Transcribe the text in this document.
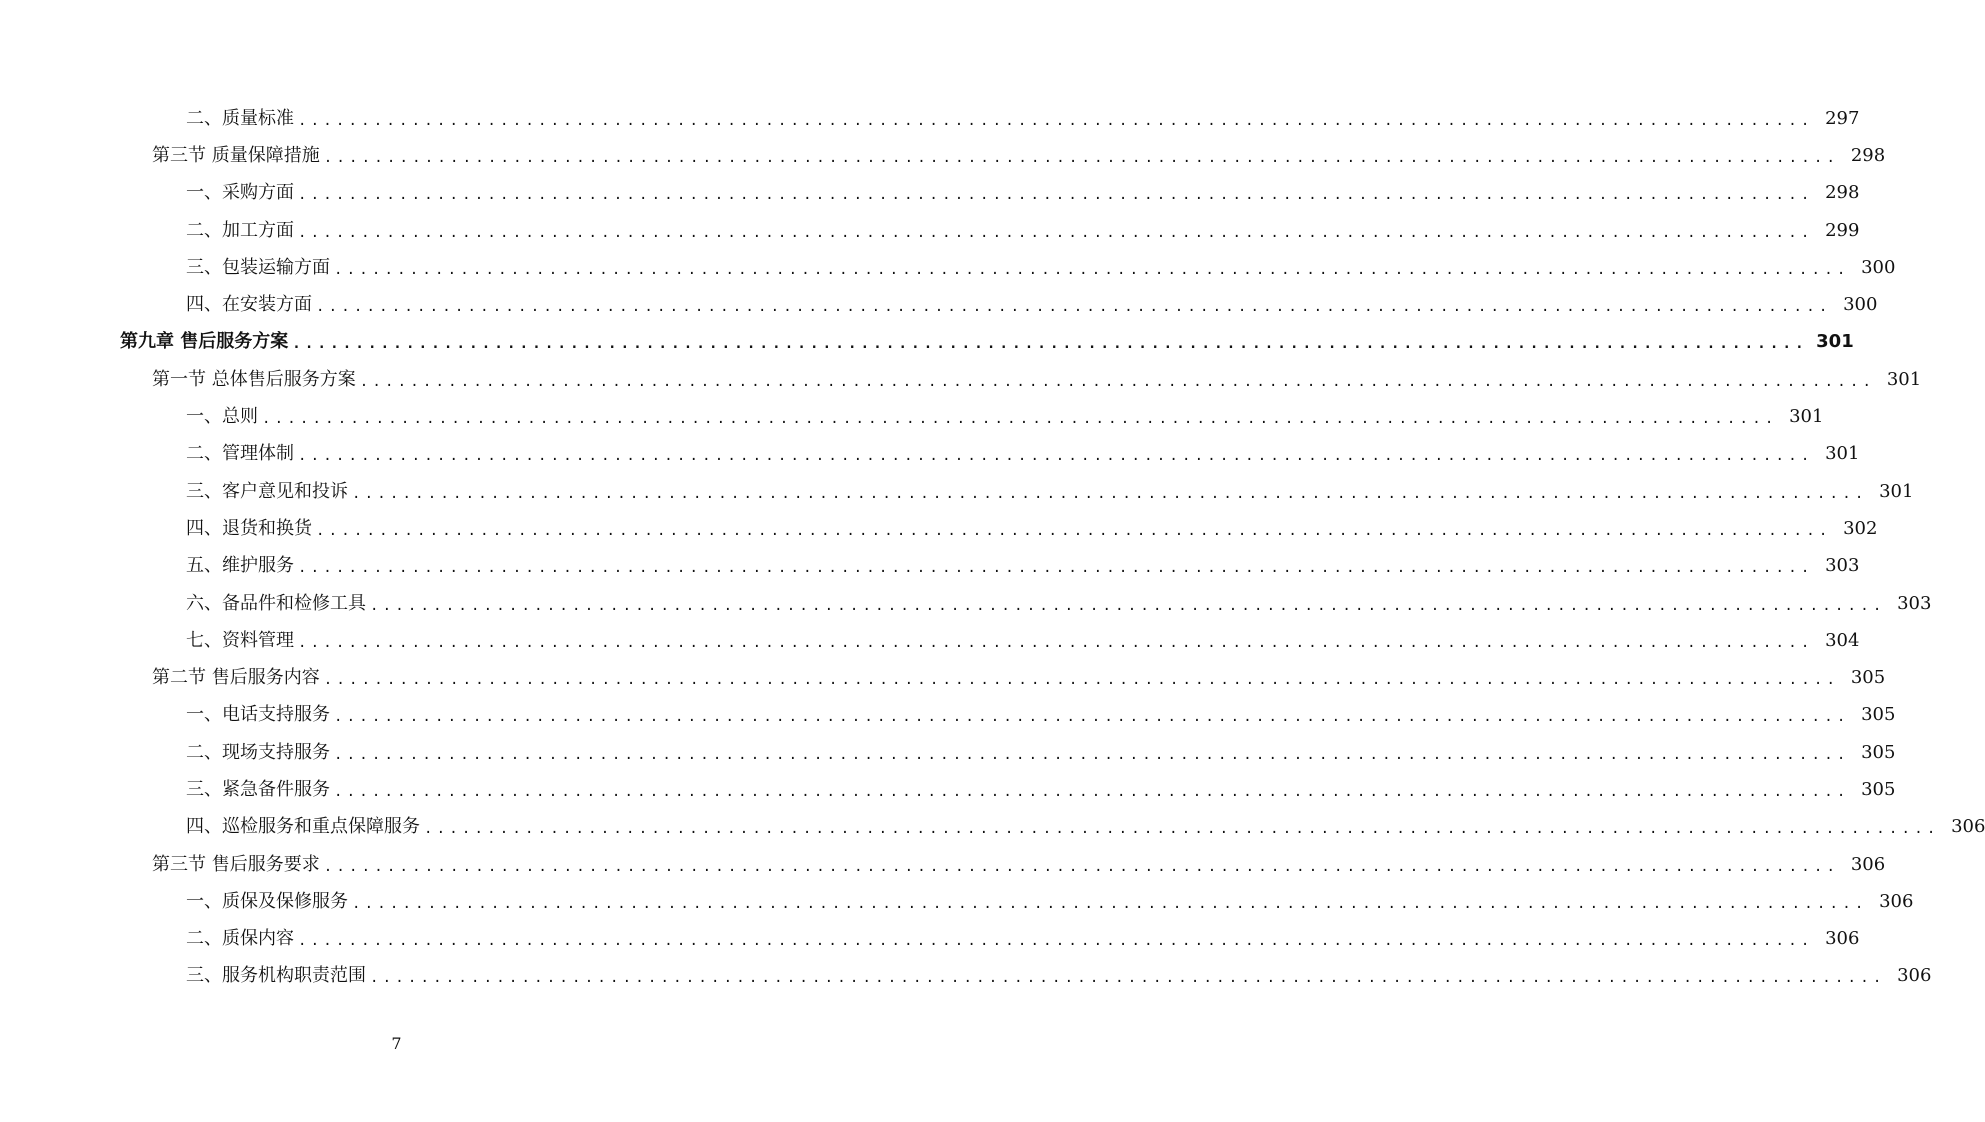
二、质量标准 ........................................................................................................................ 297
第三节 质量保障措施 ........................................................................................................................ 298
一、采购方面 ........................................................................................................................ 298
二、加工方面 ........................................................................................................................ 299
三、包装运输方面 ........................................................................................................................ 300
四、在安装方面 ........................................................................................................................ 300
第九章 售后服务方案 ........................................................................................................................ 301
第一节 总体售后服务方案 ........................................................................................................................ 301
一、总则 ........................................................................................................................ 301
二、管理体制 ........................................................................................................................ 301
三、客户意见和投诉 ........................................................................................................................ 301
四、退货和换货 ........................................................................................................................ 302
五、维护服务 ........................................................................................................................ 303
六、备品件和检修工具 ........................................................................................................................ 303
七、资料管理 ........................................................................................................................ 304
第二节 售后服务内容 ........................................................................................................................ 305
一、电话支持服务 ........................................................................................................................ 305
二、现场支持服务 ........................................................................................................................ 305
三、紧急备件服务 ........................................................................................................................ 305
四、巡检服务和重点保障服务 ........................................................................................................................ 306
第三节 售后服务要求 ........................................................................................................................ 306
一、质保及保修服务 ........................................................................................................................ 306
二、质保内容 ........................................................................................................................ 306
三、服务机构职责范围 ........................................................................................................................ 306
7
